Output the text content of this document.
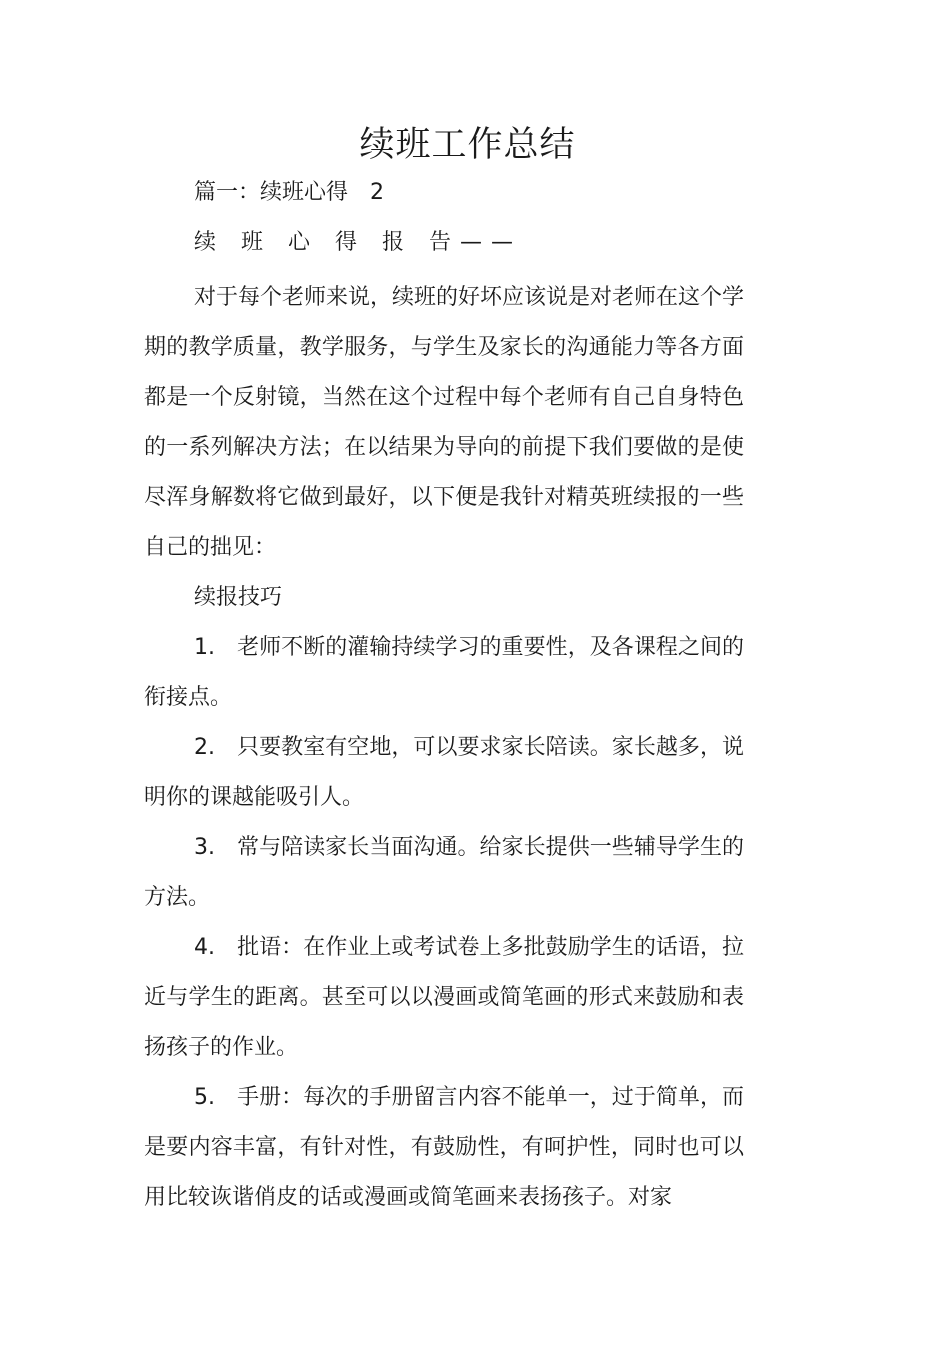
续班工作总结
篇一：续班心得　2
续 班 心 得 报 告——

对于每个老师来说，续班的好坏应该说是对老师在这个学期的教学质量，教学服务，与学生及家长的沟通能力等各方面都是一个反射镜，当然在这个过程中每个老师有自己自身特色的一系列解决方法；在以结果为导向的前提下我们要做的是使尽浑身解数将它做到最好，以下便是我针对精英班续报的一些自己的拙见：

续报技巧

1.　老师不断的灌输持续学习的重要性，及各课程之间的衔接点。

2.　只要教室有空地，可以要求家长陪读。家长越多，说明你的课越能吸引人。

3.　常与陪读家长当面沟通。给家长提供一些辅导学生的方法。

4.　批语：在作业上或考试卷上多批鼓励学生的话语，拉近与学生的距离。甚至可以以漫画或简笔画的形式来鼓励和表扬孩子的作业。

5.　手册：每次的手册留言内容不能单一，过于简单，而是要内容丰富，有针对性，有鼓励性，有呵护性，同时也可以用比较诙谐俏皮的话或漫画或简笔画来表扬孩子。对家
